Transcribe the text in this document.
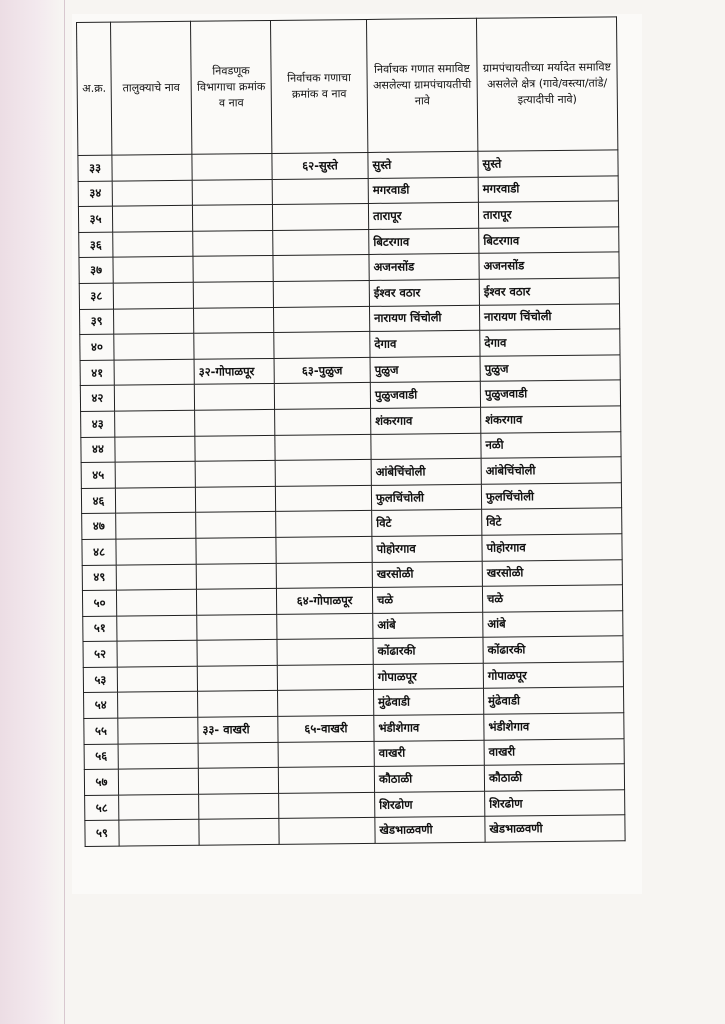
अ.क्र.	तालुक्याचे नाव	निवडणूक विभागाचा क्रमांक व नाव	निर्वाचक गणाचा क्रमांक व नाव	निर्वाचक गणात समाविष्ट असलेल्या ग्रामपंचायतीची नावे	ग्रामपंचायतीच्या मर्यादेत समाविष्ट असलेले क्षेत्र (गावे/वस्त्या/तांडे/इत्यादीची नावे)
३३			६२-सुस्ते	सुस्ते	सुस्ते
३४				मगरवाडी	मगरवाडी
३५				तारापूर	तारापूर
३६				बिटरगाव	बिटरगाव
३७				अजनसोंड	अजनसोंड
३८				ईश्वर वठार	ईश्वर वठार
३९				नारायण चिंचोली	नारायण चिंचोली
४०				देगाव	देगाव
४१		३२-गोपाळपूर	६३-पुळुज	पुळुज	पुळुज
४२				पुळुजवाडी	पुळुजवाडी
४३				शंकरगाव	शंकरगाव
४४					नळी
४५				आंबेचिंचोली	आंबेचिंचोली
४६				फुलचिंचोली	फुलचिंचोली
४७				विटे	विटे
४८				पोहोरगाव	पोहोरगाव
४९				खरसोळी	खरसोळी
५०			६४-गोपाळपूर	चळे	चळे
५१				आंबे	आंबे
५२				कोंढारकी	कोंढारकी
५३				गोपाळपूर	गोपाळपूर
५४				मुंढेवाडी	मुंढेवाडी
५५		३३- वाखरी	६५-वाखरी	भंडीशेगाव	भंडीशेगाव
५६				वाखरी	वाखरी
५७				कौठाळी	कौठाळी
५८				शिरढोण	शिरढोण
५९				खेडभाळवणी	खेडभाळवणी
